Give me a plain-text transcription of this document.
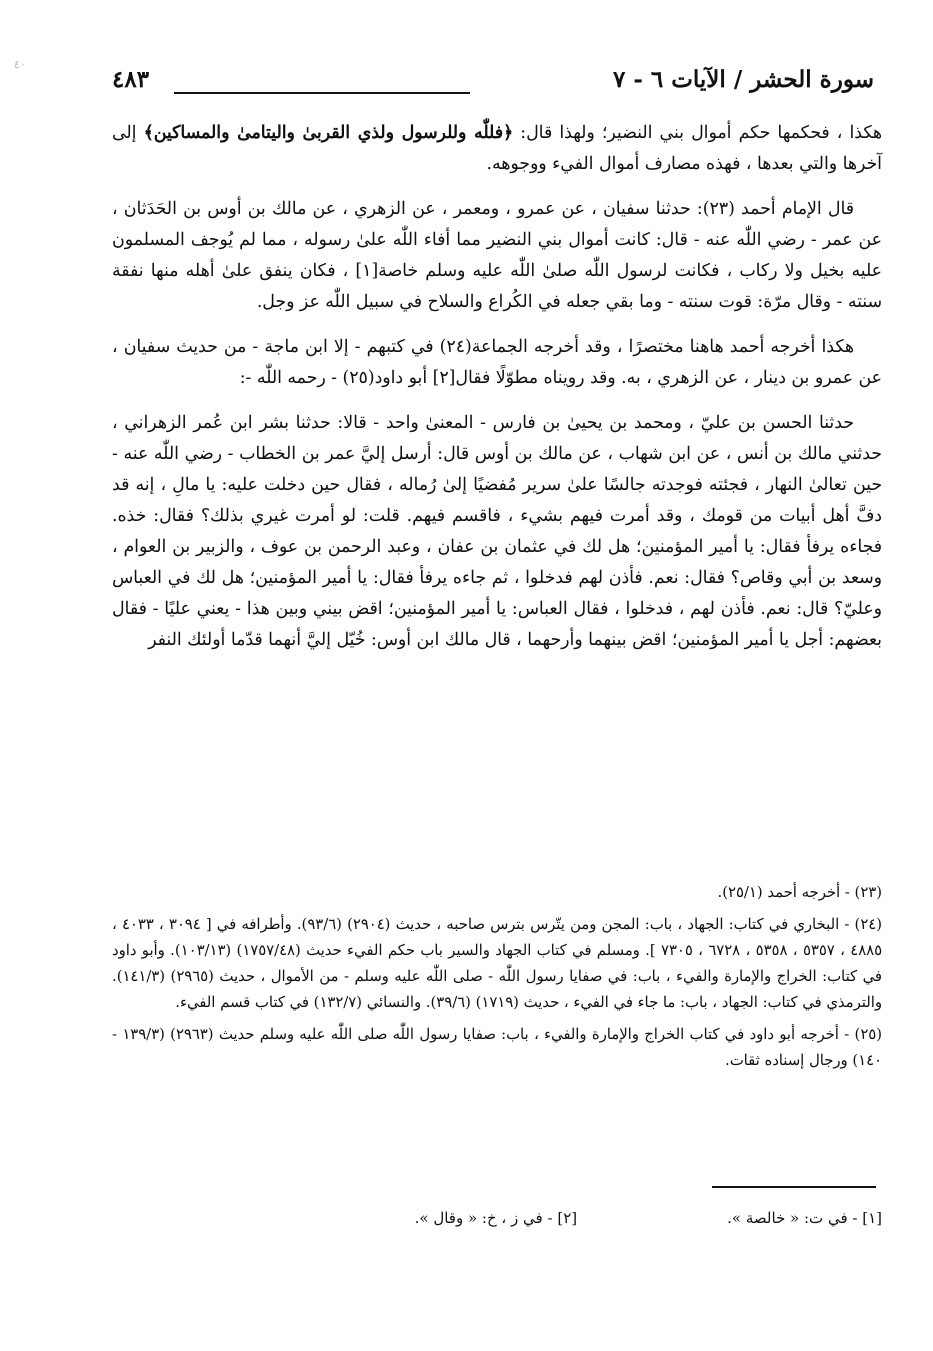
٤٠
سورة الحشر / الآيات ٦ - ٧
٤٨٣

هكذا ، فحكمها حكم أموال بني النضير؛ ولهذا قال: ﴿فللّٰه وللرسول ولذي القربىٰ واليتامىٰ والمساكين﴾ إلى آخرها والتي بعدها ، فهذه مصارف أموال الفيء ووجوهه.

قال الإمام أحمد (٢٣): حدثنا سفيان ، عن عمرو ، ومعمر ، عن الزهري ، عن مالك بن أوس بن الحَدَثان ، عن عمر - رضي اللّٰه عنه - قال: كانت أموال بني النضير مما أفاء اللّٰه علىٰ رسوله ، مما لم يُوجف المسلمون عليه بخيل ولا ركاب ، فكانت لرسول اللّٰه صلىٰ اللّٰه عليه وسلم خاصة[١] ، فكان ينفق علىٰ أهله منها نفقة سنته - وقال مرّة: قوت سنته - وما بقي جعله في الكُراع والسلاح في سبيل اللّٰه عز وجل.

هكذا أخرجه أحمد هاهنا مختصرًا ، وقد أخرجه الجماعة(٢٤) في كتبهم - إلا ابن ماجة - من حديث سفيان ، عن عمرو بن دينار ، عن الزهري ، به. وقد رويناه مطوّلًا فقال[٢] أبو داود(٢٥) - رحمه اللّٰه -:

حدثنا الحسن بن عليّ ، ومحمد بن يحيىٰ بن فارس - المعنىٰ واحد - قالا: حدثنا بشر ابن عُمر الزهراني ، حدثني مالك بن أنس ، عن ابن شهاب ، عن مالك بن أوس قال: أرسل إليَّ عمر بن الخطاب - رضي اللّٰه عنه - حين تعالىٰ النهار ، فجئته فوجدته جالسًا علىٰ سرير مُفضيًا إلىٰ رُماله ، فقال حين دخلت عليه: يا مالِ ، إنه قد دفَّ أهل أبيات من قومك ، وقد أمرت فيهم بشيء ، فاقسم فيهم. قلت: لو أمرت غيري بذلك؟ فقال: خذه. فجاءه يرفأ فقال: يا أمير المؤمنين؛ هل لك في عثمان بن عفان ، وعبد الرحمن بن عوف ، والزبير بن العوام ، وسعد بن أبي وقاص؟ فقال: نعم. فأذن لهم فدخلوا ، ثم جاءه يرفأ فقال: يا أمير المؤمنين؛ هل لك في العباس وعليّ؟ قال: نعم. فأذن لهم ، فدخلوا ، فقال العباس: يا أمير المؤمنين؛ اقض بيني وبين هذا - يعني عليًا - فقال بعضهم: أجل يا أمير المؤمنين؛ اقض بينهما وأرحهما ، قال مالك ابن أوس: خُيّل إليَّ أنهما قدّما أولئك النفر

(٢٣) - أخرجه أحمد (٢٥/١).
(٢٤) - البخاري في كتاب: الجهاد ، باب: المجن ومن يتّرس بترس صاحبه ، حديث (٢٩٠٤) (٩٣/٦). وأطرافه في [ ٣٠٩٤ ، ٤٠٣٣ ، ٤٨٨٥ ، ٥٣٥٧ ، ٥٣٥٨ ، ٦٧٢٨ ، ٧٣٠٥ ]. ومسلم في كتاب الجهاد والسير باب حكم الفيء حديث (١٧٥٧/٤٨) (١٠٣/١٣). وأبو داود في كتاب: الخراج والإمارة والفيء ، باب: في صفايا رسول اللّٰه - صلى اللّٰه عليه وسلم - من الأموال ، حديث (٢٩٦٥) (١٤١/٣). والترمذي في كتاب: الجهاد ، باب: ما جاء في الفيء ، حديث (١٧١٩) (٣٩/٦). والنسائي (١٣٢/٧) في كتاب قسم الفيء.
(٢٥) - أخرجه أبو داود في كتاب الخراج والإمارة والفيء ، باب: صفايا رسول اللّٰه صلى اللّٰه عليه وسلم حديث (٢٩٦٣) (١٣٩/٣ - ١٤٠) ورجال إسناده ثقات.
[١] - في ت: « خالصة ».[٢] - في ز ، خ: « وقال ».
